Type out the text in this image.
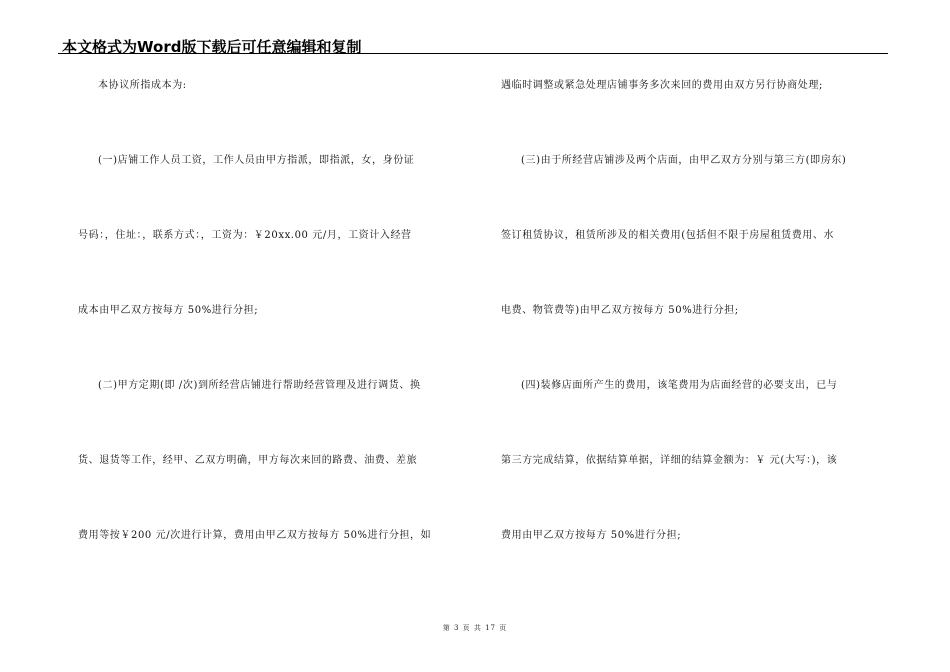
本文格式为Word版下载后可任意编辑和复制
本协议所指成本为:
(一)店铺工作人员工资，工作人员由甲方指派，即指派，女，身份证
号码：，住址：，联系方式：，工资为：￥20xx.00 元/月，工资计入经营
成本由甲乙双方按每方 50%进行分担;
(二)甲方定期(即 /次)到所经营店铺进行帮助经营管理及进行调货、换
货、退货等工作，经甲、乙双方明确，甲方每次来回的路费、油费、差旅
费用等按￥200 元/次进行计算，费用由甲乙双方按每方 50%进行分担，如
遇临时调整或紧急处理店铺事务多次来回的费用由双方另行协商处理;
(三)由于所经营店铺涉及两个店面，由甲乙双方分别与第三方(即房东)
签订租赁协议，租赁所涉及的相关费用(包括但不限于房屋租赁费用、水
电费、物管费等)由甲乙双方按每方 50%进行分担;
(四)装修店面所产生的费用，该笔费用为店面经营的必要支出，已与
第三方完成结算，依据结算单据，详细的结算金额为：￥ 元(大写：)，该
费用由甲乙双方按每方 50%进行分担;
第 3 页 共 17 页
